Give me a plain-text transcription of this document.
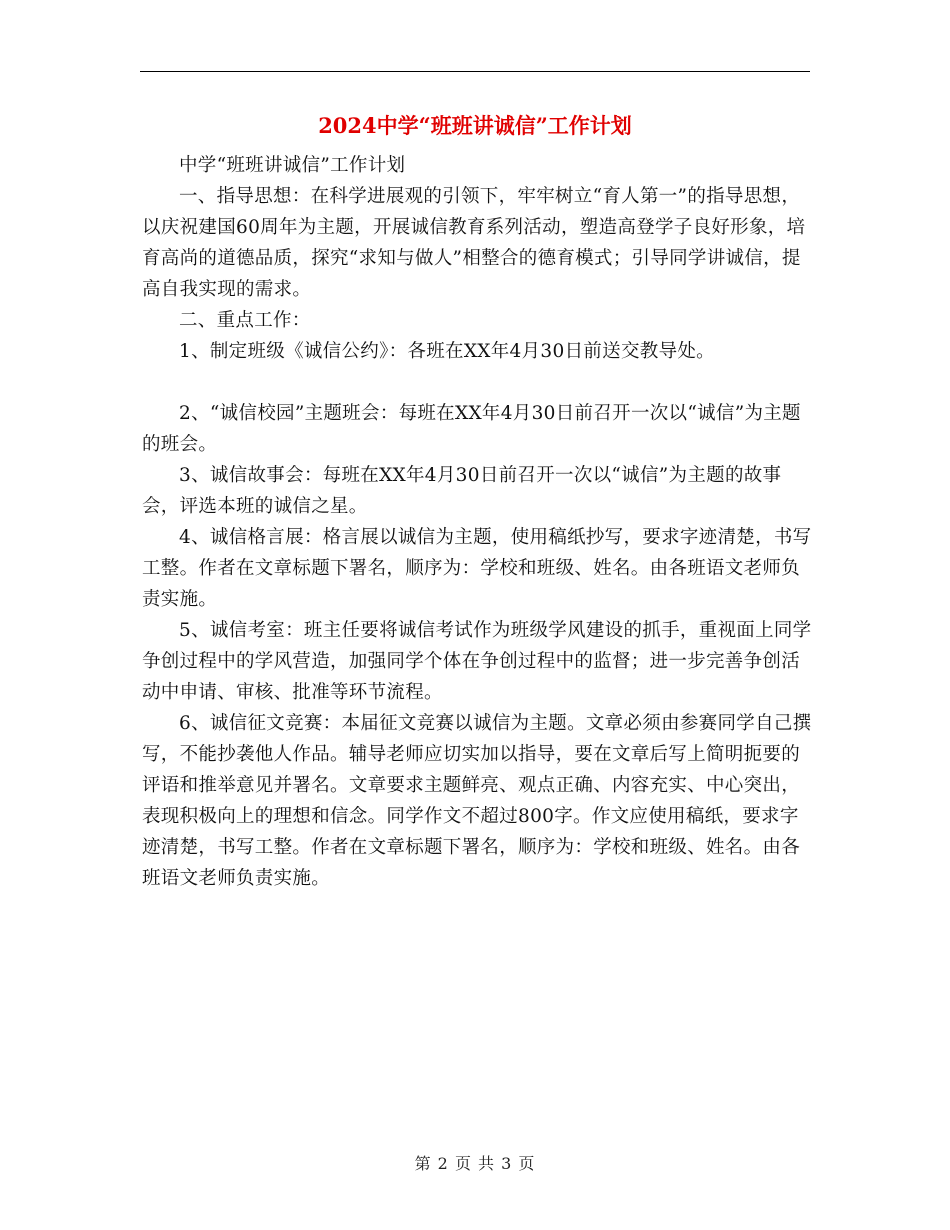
2024中学“班班讲诚信”工作计划

中学“班班讲诚信”工作计划

一、指导思想：在科学进展观的引领下，牢牢树立“育人第一”的指导思想，以庆祝建国60周年为主题，开展诚信教育系列活动，塑造高登学子良好形象，培育高尚的道德品质，探究“求知与做人”相整合的德育模式；引导同学讲诚信，提高自我实现的需求。

二、重点工作：

1、制定班级《诚信公约》：各班在XX年4月30日前送交教导处。

2、“诚信校园”主题班会：每班在XX年4月30日前召开一次以“诚信”为主题的班会。

3、诚信故事会：每班在XX年4月30日前召开一次以“诚信”为主题的故事会，评选本班的诚信之星。

4、诚信格言展：格言展以诚信为主题，使用稿纸抄写，要求字迹清楚，书写工整。作者在文章标题下署名，顺序为：学校和班级、姓名。由各班语文老师负责实施。

5、诚信考室：班主任要将诚信考试作为班级学风建设的抓手，重视面上同学争创过程中的学风营造，加强同学个体在争创过程中的监督；进一步完善争创活动中申请、审核、批准等环节流程。

6、诚信征文竞赛：本届征文竞赛以诚信为主题。文章必须由参赛同学自己撰写，不能抄袭他人作品。辅导老师应切实加以指导，要在文章后写上简明扼要的评语和推举意见并署名。文章要求主题鲜亮、观点正确、内容充实、中心突出，表现积极向上的理想和信念。同学作文不超过800字。作文应使用稿纸，要求字迹清楚，书写工整。作者在文章标题下署名，顺序为：学校和班级、姓名。由各班语文老师负责实施。

第 2 页 共 3 页
